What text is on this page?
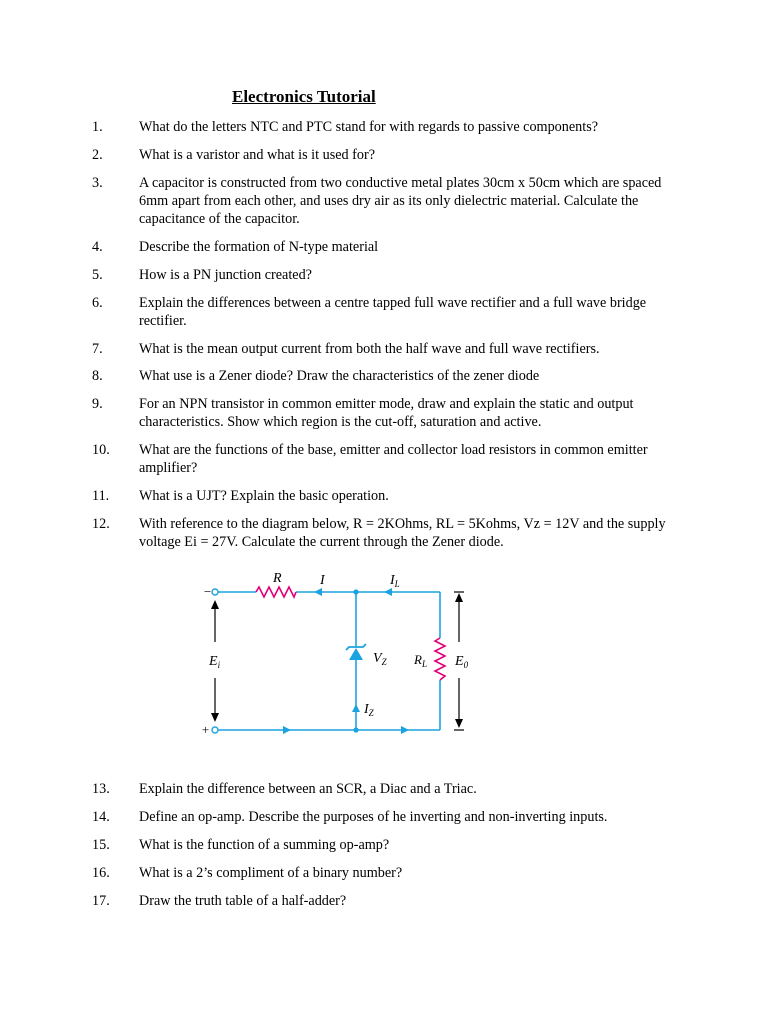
Electronics Tutorial
1.	What do the letters NTC and PTC stand for with regards to passive components?
2.	What is a varistor and what is it used for?
3.	A capacitor is constructed from two conductive metal plates 30cm x 50cm which are spaced 6mm apart from each other, and uses dry air as its only dielectric material. Calculate the capacitance of the capacitor.
4.	Describe the formation of N-type material
5.	How is a PN junction created?
6.	Explain the differences between a centre tapped full wave rectifier and a full wave bridge rectifier.
7.	What is the mean output current from both the half wave and full wave rectifiers.
8.	What use is a Zener diode? Draw the characteristics of the zener diode
9.	For an NPN transistor in common emitter mode, draw and explain the static and output characteristics. Show which region is the cut-off, saturation and active.
10. What are the functions of the base, emitter and collector load resistors in common emitter amplifier?
11. What is a UJT? Explain the basic operation.
12. With reference to the diagram below, R = 2KOhms, RL = 5Kohms, Vz = 12V and the supply voltage Ei = 27V. Calculate the current through the Zener diode.
R	I	$I_L$
−
+
$E_i$	$V_Z$ $R_L$ $E_0$
$I_Z$
13. Explain the difference between an SCR, a Diac and a Triac.
14. Define an op-amp. Describe the purposes of he inverting and non-inverting inputs.
15. What is the function of a summing op-amp?
16. What is a 2’s compliment of a binary number?
17. Draw the truth table of a half-adder?
